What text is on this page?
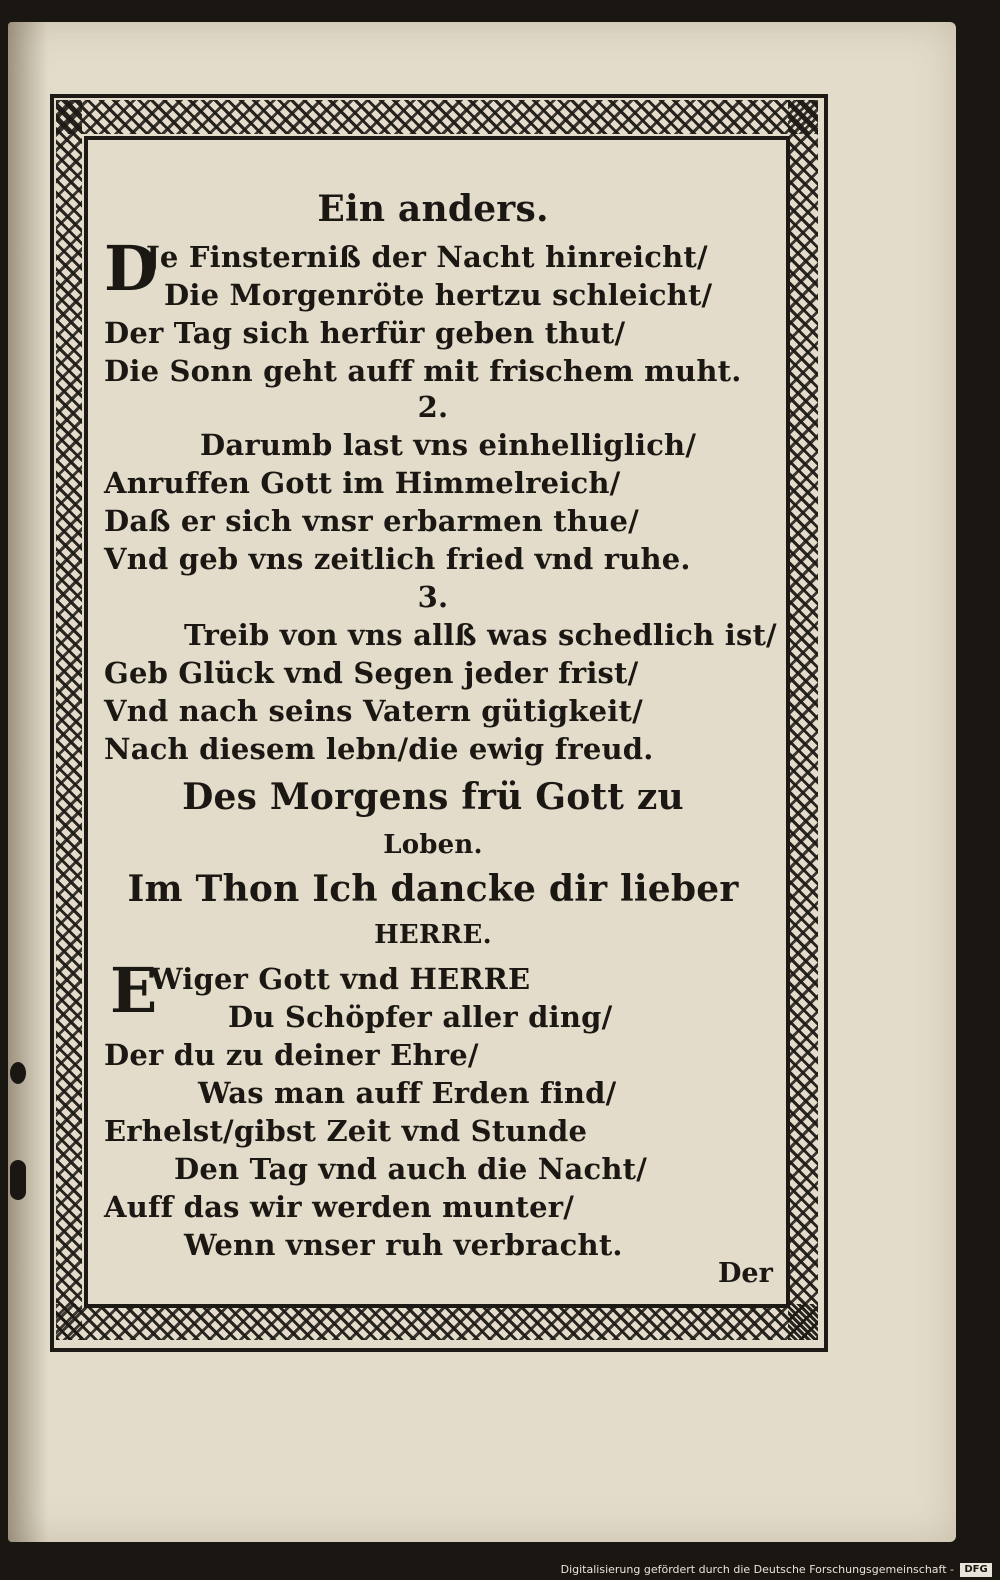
Ein anders.
D
Je Finsterniß der Nacht hinreicht/
Die Morgenröte hertzu schleicht/
Der Tag sich herfür geben thut/
Die Sonn geht auff mit frischem muht.
2.
Darumb last vns einhelliglich/
Anruffen Gott im Himmelreich/
Daß er sich vnsr erbarmen thue/
Vnd geb vns zeitlich fried vnd ruhe.
3.
Treib von vns allß was schedlich ist/
Geb Glück vnd Segen jeder frist/
Vnd nach seins Vatern gütigkeit/
Nach diesem lebn/die ewig freud.
Des Morgens frü Gott zu
Loben.
Im Thon Ich dancke dir lieber
HERRE.
E
Wiger Gott vnd HERRE
Du Schöpfer aller ding/
Der du zu deiner Ehre/
Was man auff Erden find/
Erhelst/gibst Zeit vnd Stunde
Den Tag vnd auch die Nacht/
Auff das wir werden munter/
Wenn vnser ruh verbracht.
Der
Digitalisierung gefördert durch die Deutsche Forschungsgemeinschaft -	DFG
